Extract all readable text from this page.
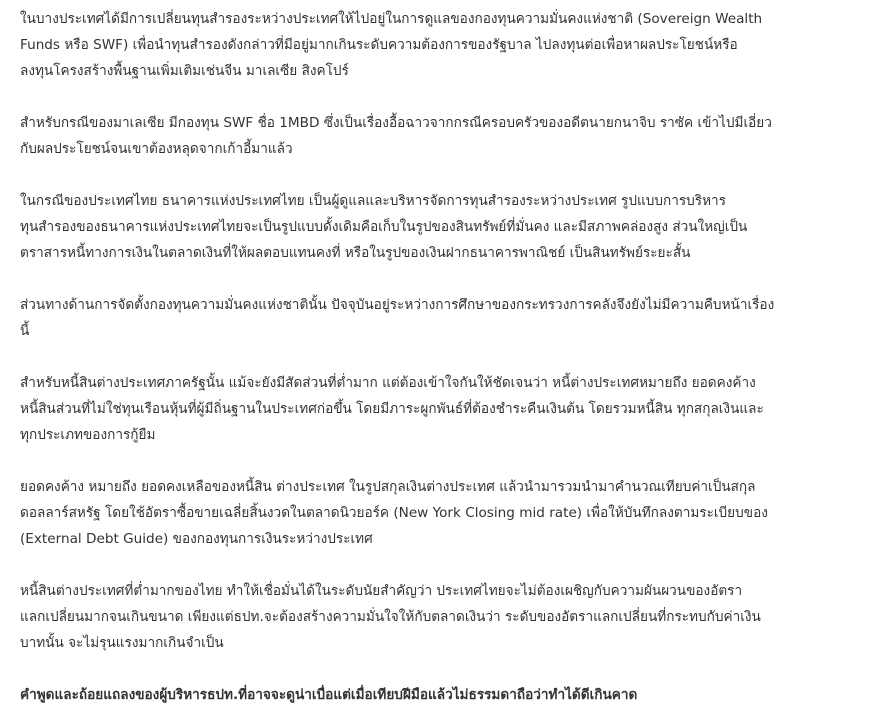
ในบางประเทศได้มีการเปลี่ยนทุนสำรองระหว่างประเทศให้ไปอยู่ในการดูแลของกองทุนความมั่นคงแห่งชาติ (Sovereign Wealth
Funds หรือ SWF) เพื่อนำทุนสำรองดังกล่าวที่มีอยู่มากเกินระดับความต้องการของรัฐบาล ไปลงทุนต่อเพื่อหาผลประโยชน์หรือ
ลงทุนโครงสร้างพื้นฐานเพิ่มเติมเช่นจีน มาเลเซีย สิงคโปร์

สำหรับกรณีของมาเลเซีย มีกองทุน SWF ชื่อ 1MBD ซึ่งเป็นเรื่องอื้อฉาวจากกรณีครอบครัวของอดีตนายกนาจิบ ราซัค เข้าไปมีเอี่ยว
กับผลประโยชน์จนเขาต้องหลุดจากเก้าอี้มาแล้ว

ในกรณีของประเทศไทย ธนาคารแห่งประเทศไทย เป็นผู้ดูแลและบริหารจัดการทุนสำรองระหว่างประเทศ รูปแบบการบริหาร
ทุนสำรองของธนาคารแห่งประเทศไทยจะเป็นรูปแบบดั้งเดิมคือเก็บในรูปของสินทรัพย์ที่มั่นคง และมีสภาพคล่องสูง ส่วนใหญ่เป็น
ตราสารหนี้ทางการเงินในตลาดเงินที่ให้ผลตอบแทนคงที่ หรือในรูปของเงินฝากธนาคารพาณิชย์ เป็นสินทรัพย์ระยะสั้น

ส่วนทางด้านการจัดตั้งกองทุนความมั่นคงแห่งชาตินั้น ปัจจุบันอยู่ระหว่างการศึกษาของกระทรวงการคลังจึงยังไม่มีความคืบหน้าเรื่อง
นี้

สำหรับหนี้สินต่างประเทศภาครัฐนั้น แม้จะยังมีสัดส่วนที่ต่ำมาก แต่ต้องเข้าใจกันให้ชัดเจนว่า หนี้ต่างประเทศหมายถึง ยอดคงค้าง
หนี้สินส่วนที่ไม่ใช่ทุนเรือนหุ้นที่ผู้มีถิ่นฐานในประเทศก่อขึ้น โดยมีภาระผูกพันธ์ที่ต้องชำระคืนเงินต้น โดยรวมหนี้สิน ทุกสกุลเงินและ
ทุกประเภทของการกู้ยืม

ยอดคงค้าง หมายถึง ยอดคงเหลือของหนี้สิน ต่างประเทศ ในรูปสกุลเงินต่างประเทศ แล้วนำมารวมนำมาคำนวณเทียบค่าเป็นสกุล
ดอลลาร์สหรัฐ โดยใช้อัตราซื้อขายเฉลี่ยสิ้นงวดในตลาดนิวยอร์ค (New York Closing mid rate) เพื่อให้บันทึกลงตามระเบียบของ
(External Debt Guide) ของกองทุนการเงินระหว่างประเทศ

หนี้สินต่างประเทศที่ต่ำมากของไทย ทำให้เชื่อมั่นได้ในระดับนัยสำคัญว่า ประเทศไทยจะไม่ต้องเผชิญกับความผันผวนของอัตรา
แลกเปลี่ยนมากจนเกินขนาด เพียงแต่ธปท.จะต้องสร้างความมั่นใจให้กับตลาดเงินว่า ระดับของอัตราแลกเปลี่ยนที่กระทบกับค่าเงิน
บาทนั้น จะไม่รุนแรงมากเกินจำเป็น

คำพูดและถ้อยแถลงของผู้บริหารธปท.ที่อาจจะดูน่าเบื่อแต่เมื่อเทียบฝีมือแล้วไม่ธรรมดาถือว่าทำได้ดีเกินคาด
